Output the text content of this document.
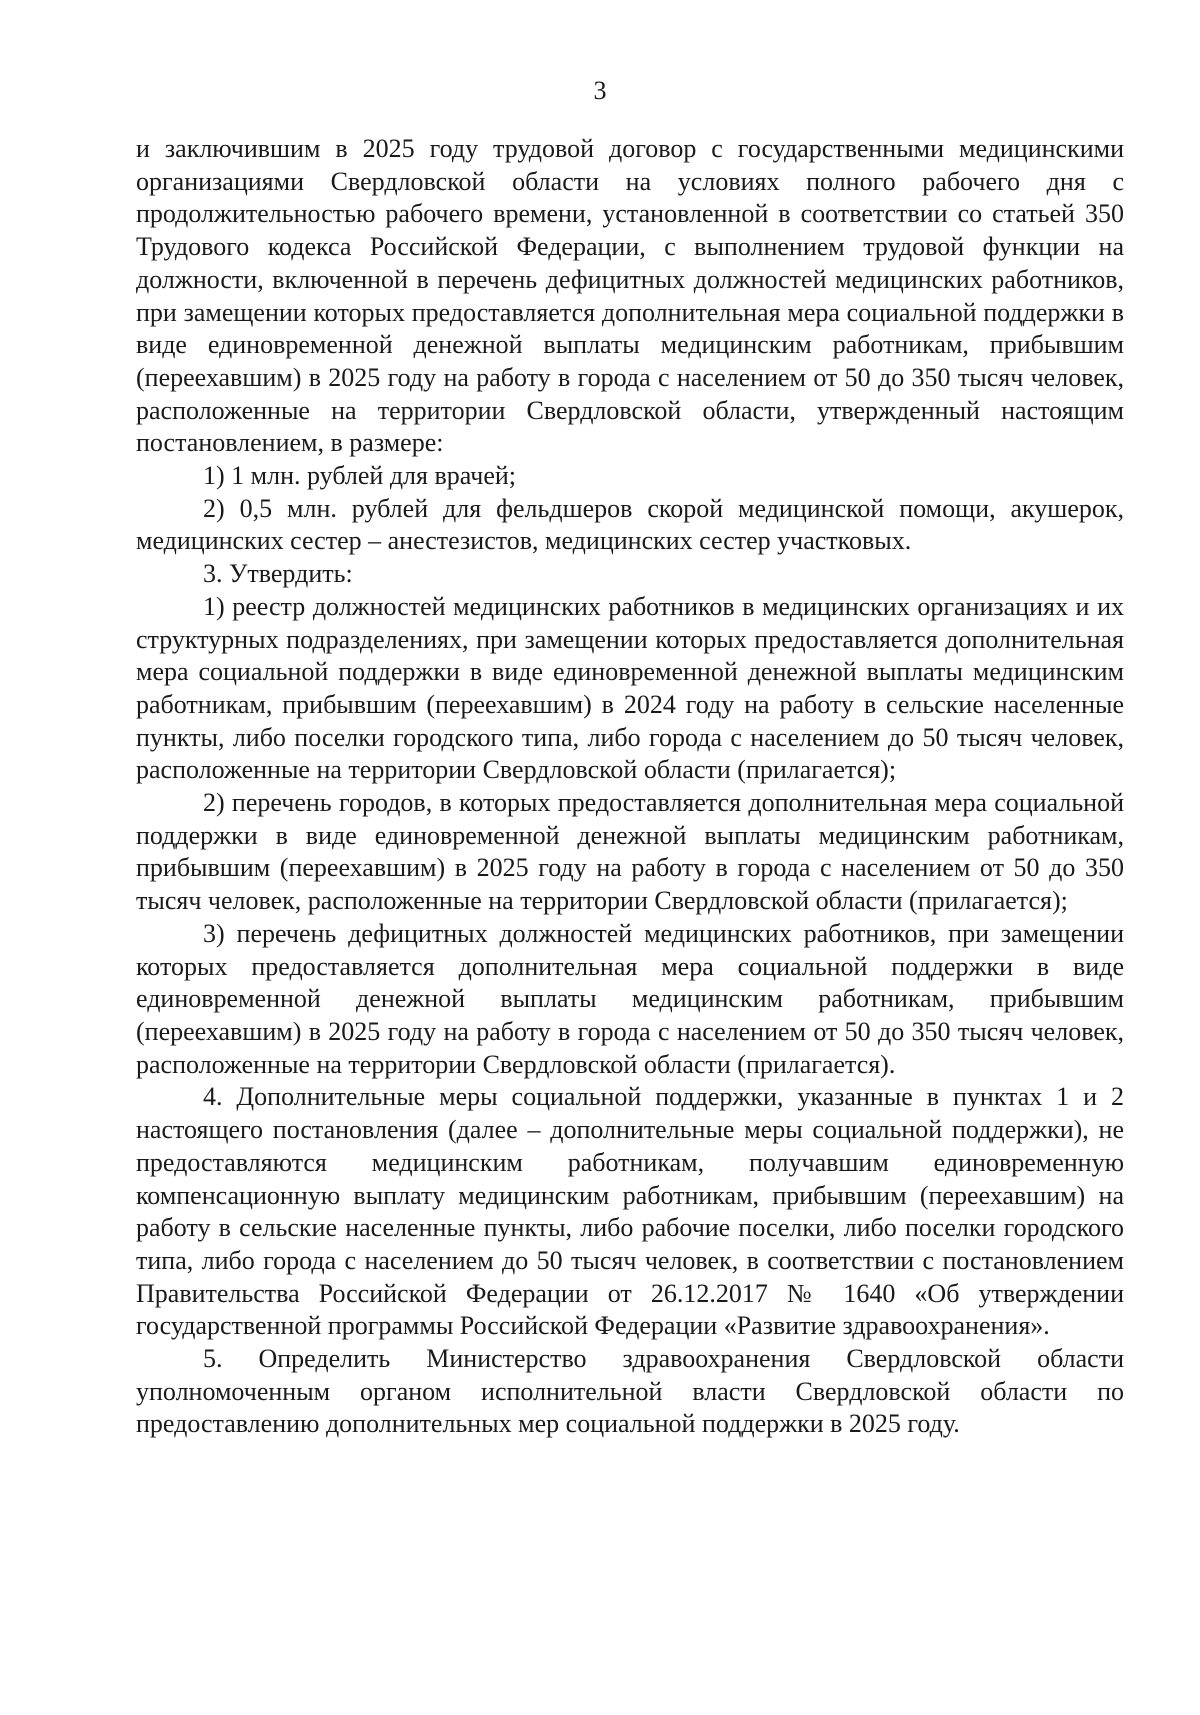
3

и заключившим в 2025 году трудовой договор с государственными медицинскими организациями Свердловской области на условиях полного рабочего дня с продолжительностью рабочего времени, установленной в соответствии со статьей 350 Трудового кодекса Российской Федерации, с выполнением трудовой функции на должности, включенной в перечень дефицитных должностей медицинских работников, при замещении которых предоставляется дополнительная мера социальной поддержки в виде единовременной денежной выплаты медицинским работникам, прибывшим (переехавшим) в 2025 году на работу в города с населением от 50 до 350 тысяч человек, расположенные на территории Свердловской области, утвержденный настоящим постановлением, в размере:

1) 1 млн. рублей для врачей;

2) 0,5 млн. рублей для фельдшеров скорой медицинской помощи, акушерок, медицинских сестер – анестезистов, медицинских сестер участковых.

3. Утвердить:

1) реестр должностей медицинских работников в медицинских организациях и их структурных подразделениях, при замещении которых предоставляется дополнительная мера социальной поддержки в виде единовременной денежной выплаты медицинским работникам, прибывшим (переехавшим) в 2024 году на работу в сельские населенные пункты, либо поселки городского типа, либо города с населением до 50 тысяч человек, расположенные на территории Свердловской области (прилагается);

2) перечень городов, в которых предоставляется дополнительная мера социальной поддержки в виде единовременной денежной выплаты медицинским работникам, прибывшим (переехавшим) в 2025 году на работу в города с населением от 50 до 350 тысяч человек, расположенные на территории Свердловской области (прилагается);

3) перечень дефицитных должностей медицинских работников, при замещении которых предоставляется дополнительная мера социальной поддержки в виде единовременной денежной выплаты медицинским работникам, прибывшим (переехавшим) в 2025 году на работу в города с населением от 50 до 350 тысяч человек, расположенные на территории Свердловской области (прилагается).

4. Дополнительные меры социальной поддержки, указанные в пунктах 1 и 2 настоящего постановления (далее – дополнительные меры социальной поддержки), не предоставляются медицинским работникам, получавшим единовременную компенсационную выплату медицинским работникам, прибывшим (переехавшим) на работу в сельские населенные пункты, либо рабочие поселки, либо поселки городского типа, либо города с населением до 50 тысяч человек, в соответствии с постановлением Правительства Российской Федерации от 26.12.2017 № 1640 «Об утверждении государственной программы Российской Федерации «Развитие здравоохранения».

5. Определить Министерство здравоохранения Свердловской области уполномоченным органом исполнительной власти Свердловской области по предоставлению дополнительных мер социальной поддержки в 2025 году.
